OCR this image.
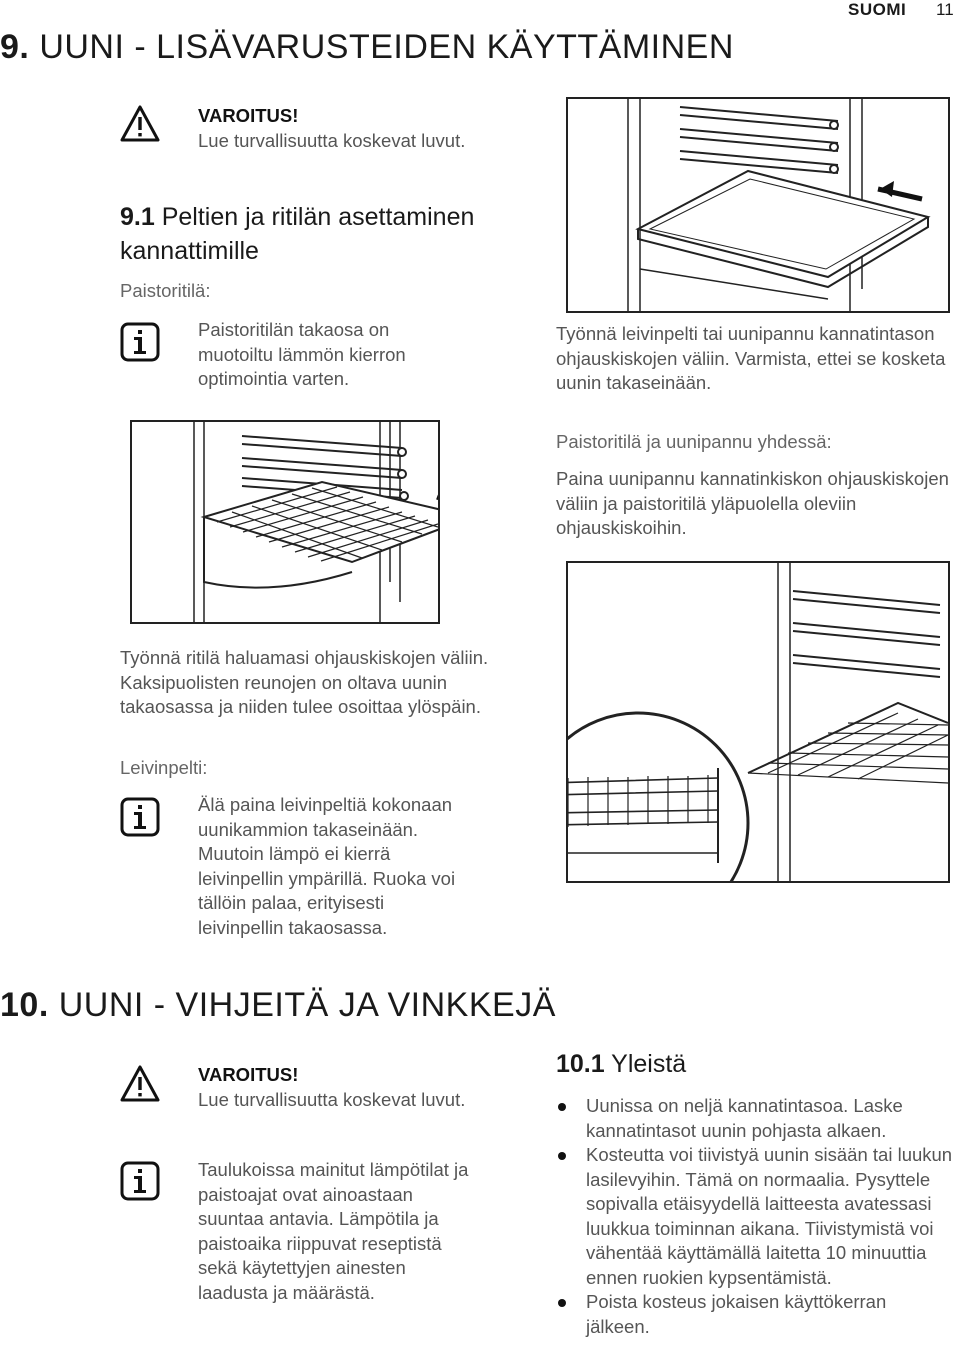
SUOMI 11
9. UUNI - LISÄVARUSTEIDEN KÄYTTÄMINEN
VAROITUS!
Lue turvallisuutta koskevat luvut.
9.1 Peltien ja ritilän asettaminen kannattimille
Paistoritilä:
Paistoritilän takaosa on muotoiltu lämmön kierron optimointia varten.
Työnnä ritilä haluamasi ohjauskiskojen väliin. Kaksipuolisten reunojen on oltava uunin takaosassa ja niiden tulee osoittaa ylöspäin.
Leivinpelti:
Älä paina leivinpeltiä kokonaan uunikammion takaseinään. Muutoin lämpö ei kierrä leivinpellin ympärillä. Ruoka voi tällöin palaa, erityisesti leivinpellin takaosassa.
Työnnä leivinpelti tai uunipannu kannatintason ohjauskiskojen väliin. Varmista, ettei se kosketa uunin takaseinään.
Paistoritilä ja uunipannu yhdessä:
Paina uunipannu kannatinkiskon ohjauskiskojen väliin ja paistoritilä yläpuolella oleviin ohjauskiskoihin.
10. UUNI - VIHJEITÄ JA VINKKEJÄ
VAROITUS!
Lue turvallisuutta koskevat luvut.
Taulukoissa mainitut lämpötilat ja paistoajat ovat ainoastaan suuntaa antavia. Lämpötila ja paistoaika riippuvat reseptistä sekä käytettyjen ainesten laadusta ja määrästä.
10.1 Yleistä
Uunissa on neljä kannatintasoa. Laske kannatintasot uunin pohjasta alkaen.
Kosteutta voi tiivistyä uunin sisään tai luukun lasilevyihin. Tämä on normaalia. Pysyttele sopivalla etäisyydellä laitteesta avatessasi luukkua toiminnan aikana. Tiivistymistä voi vähentää käyttämällä laitetta 10 minuuttia ennen ruokien kypsentämistä.
Poista kosteus jokaisen käyttökerran jälkeen.
